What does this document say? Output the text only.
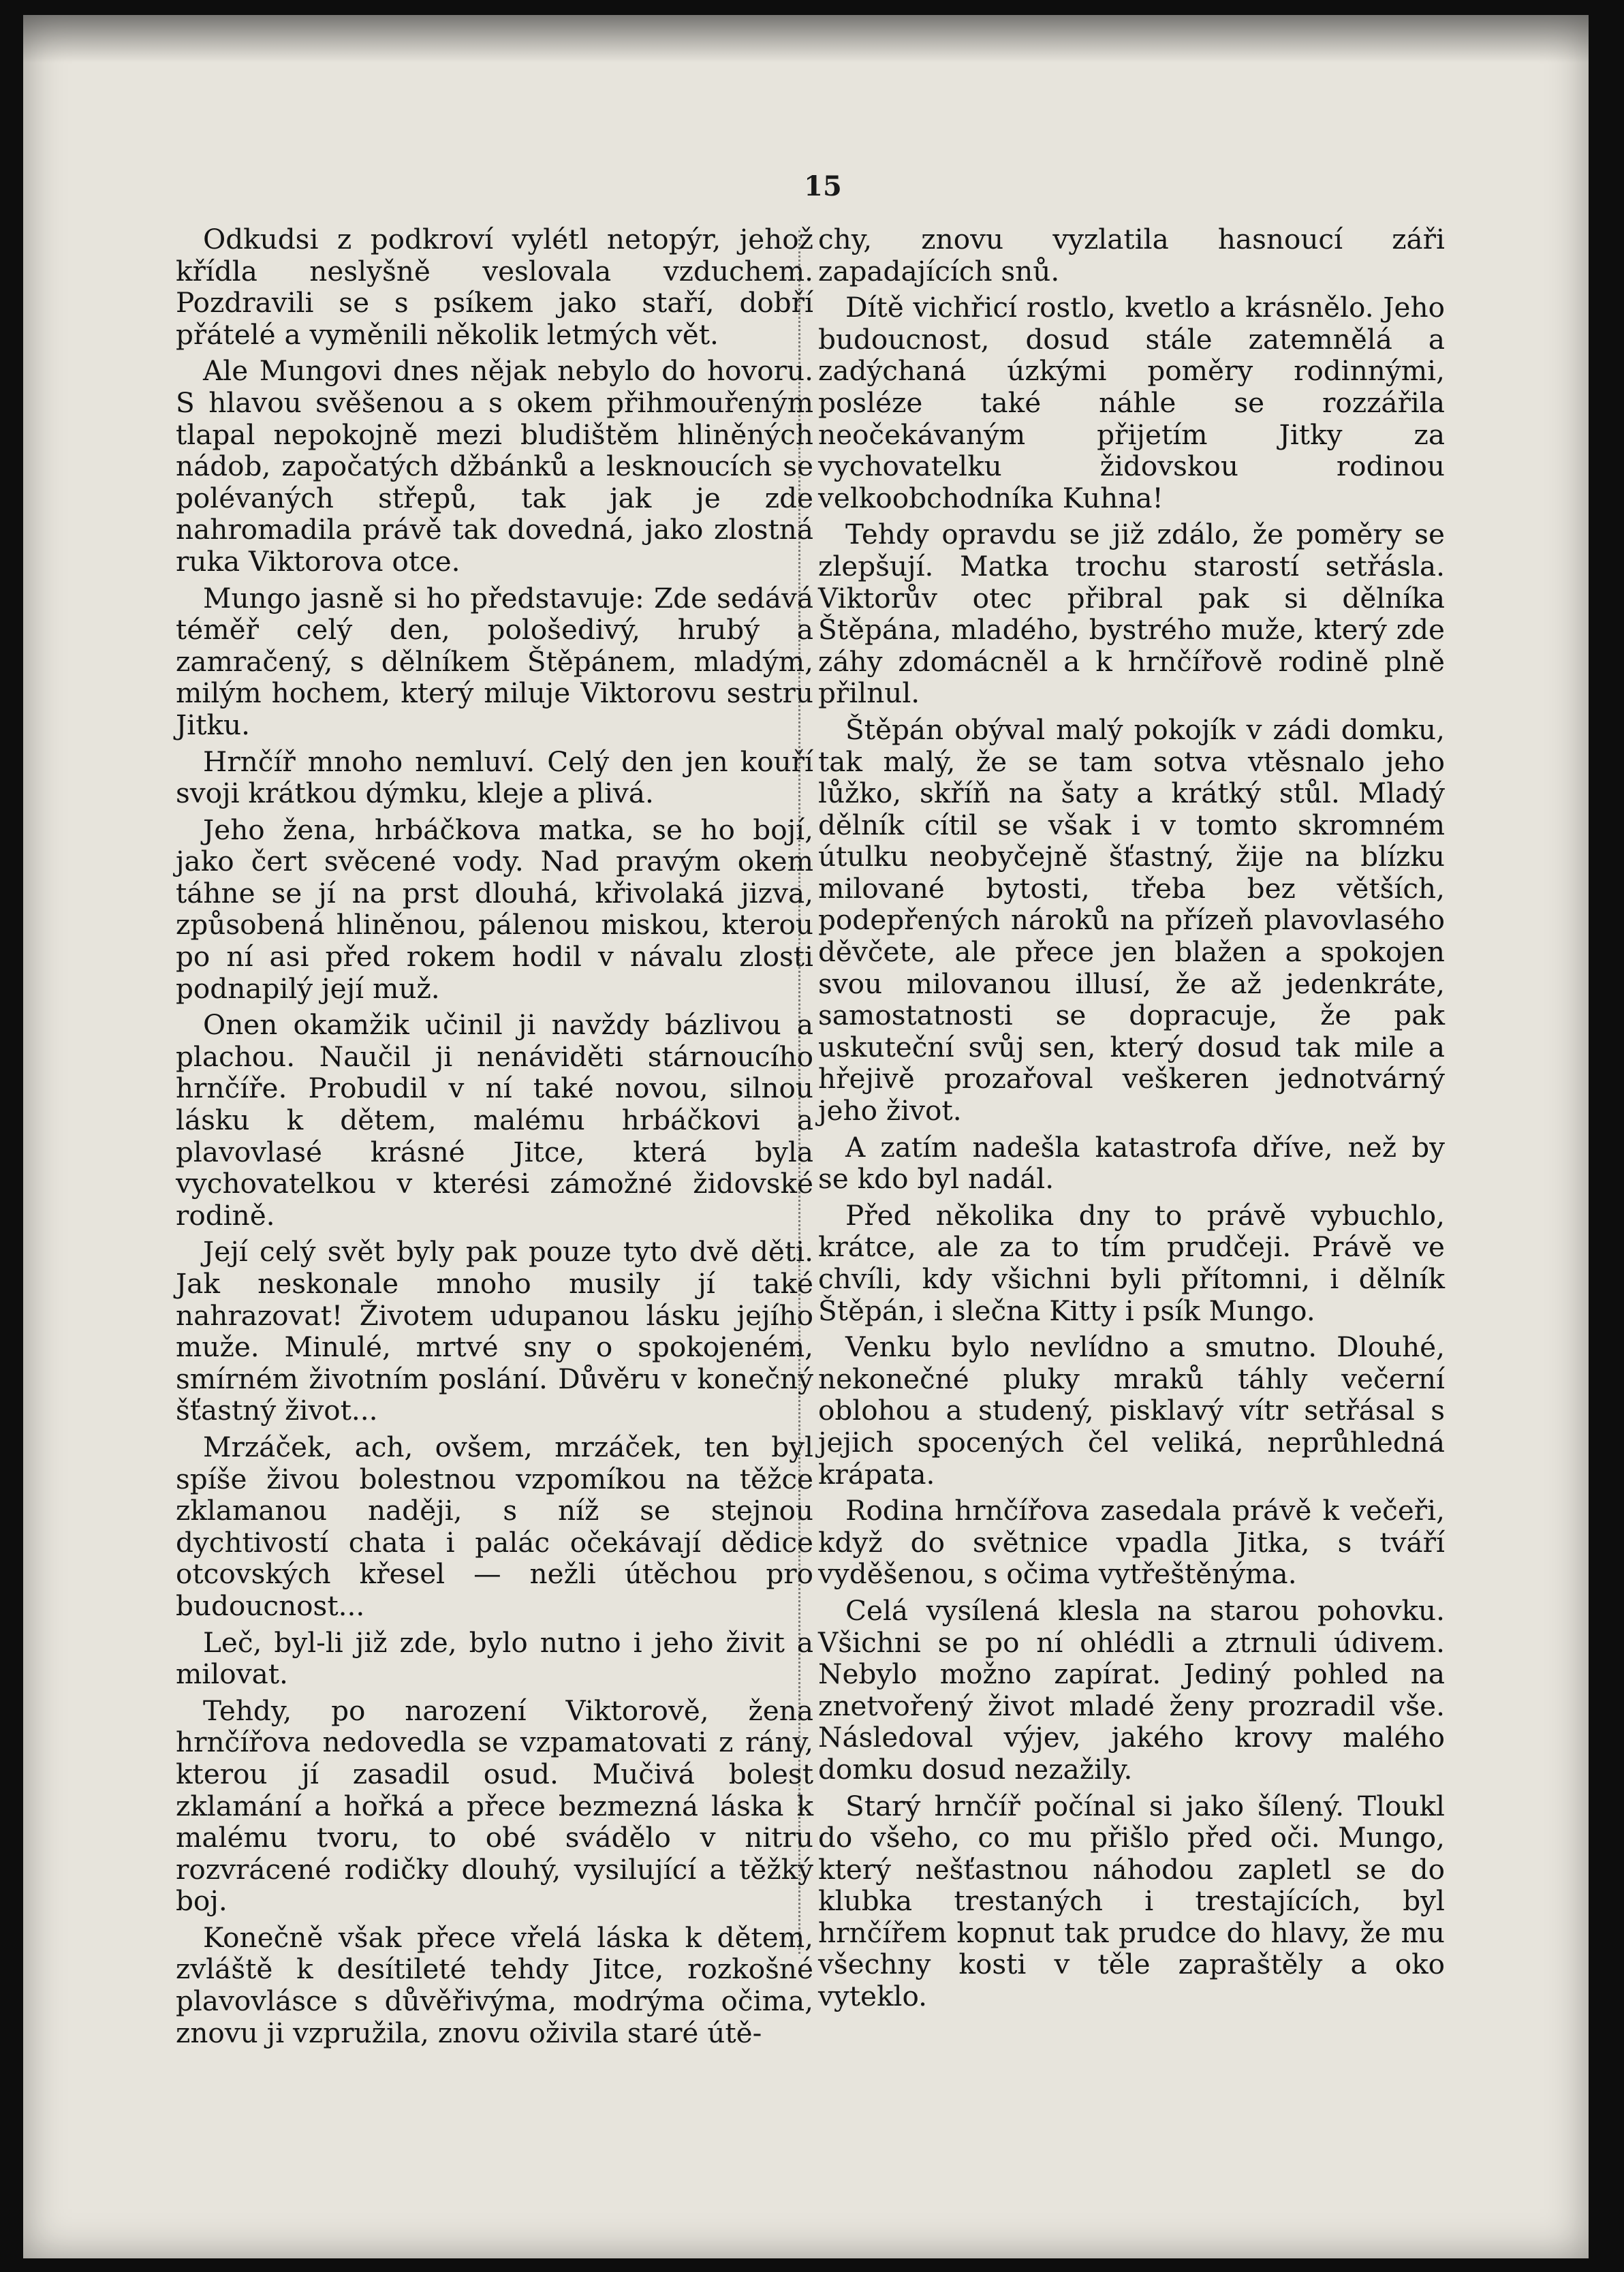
15

Odkudsi z podkroví vylétl netopýr, jehož křídla neslyšně veslovala vzduchem. Pozdravili se s psíkem jako staří, dobří přátelé a vyměnili několik letmých vět.

Ale Mungovi dnes nějak nebylo do hovoru. S hlavou svěšenou a s okem přihmouřeným tlapal nepokojně mezi bludištěm hliněných nádob, započatých džbánků a lesknoucích se polévaných střepů, tak jak je zde nahromadila právě tak dovedná, jako zlostná ruka Viktorova otce.

Mungo jasně si ho představuje: Zde sedává téměř celý den, pološedivý, hrubý a zamračený, s dělníkem Štěpánem, mladým, milým hochem, který miluje Viktorovu sestru Jitku.

Hrnčíř mnoho nemluví. Celý den jen kouří svoji krátkou dýmku, kleje a plivá.

Jeho žena, hrbáčkova matka, se ho bojí, jako čert svěcené vody. Nad pravým okem táhne se jí na prst dlouhá, křivolaká jizva, způsobená hliněnou, pálenou miskou, kterou po ní asi před rokem hodil v návalu zlosti podnapilý její muž.

Onen okamžik učinil ji navždy bázlivou a plachou. Naučil ji nenáviděti stárnoucího hrnčíře. Probudil v ní také novou, silnou lásku k dětem, malému hrbáčkovi a plavovlasé krásné Jitce, která byla vychovatelkou v kterési zámožné židovské rodině.

Její celý svět byly pak pouze tyto dvě děti. Jak neskonale mnoho musily jí také nahrazovat! Životem udupanou lásku jejího muže. Minulé, mrtvé sny o spokojeném, smírném životním poslání. Důvěru v konečný šťastný život...

Mrzáček, ach, ovšem, mrzáček, ten byl spíše živou bolestnou vzpomíkou na těžce zklamanou naději, s níž se stejnou dychtivostí chata i palác očekávají dědice otcovských křesel — nežli útěchou pro budoucnost...

Leč, byl-li již zde, bylo nutno i jeho živit a milovat.

Tehdy, po narození Viktorově, žena hrnčířova nedovedla se vzpamatovati z rány, kterou jí zasadil osud. Mučivá bolest zklamání a hořká a přece bezmezná láska k malému tvoru, to obé svádělo v nitru rozvrácené rodičky dlouhý, vysilující a těžký boj.

Konečně však přece vřelá láska k dětem, zvláště k desítileté tehdy Jitce, rozkošné plavovlásce s důvěřivýma, modrýma očima, znovu ji vzpružila, znovu oživila staré útě-

chy, znovu vyzlatila hasnoucí záři zapadajících snů.

Dítě vichřicí rostlo, kvetlo a krásnělo. Jeho budoucnost, dosud stále zatemnělá a zadýchaná úzkými poměry rodinnými, posléze také náhle se rozzářila neočekávaným přijetím Jitky za vychovatelku židovskou rodinou velkoobchodníka Kuhna!

Tehdy opravdu se již zdálo, že poměry se zlepšují. Matka trochu starostí setřásla. Viktorův otec přibral pak si dělníka Štěpána, mladého, bystrého muže, který zde záhy zdomácněl a k hrnčířově rodině plně přilnul.

Štěpán obýval malý pokojík v zádi domku, tak malý, že se tam sotva vtěsnalo jeho lůžko, skříň na šaty a krátký stůl. Mladý dělník cítil se však i v tomto skromném útulku neobyčejně šťastný, žije na blízku milované bytosti, třeba bez větších, podepřených nároků na přízeň plavovlasého děvčete, ale přece jen blažen a spokojen svou milovanou illusí, že až jedenkráte, samostatnosti se dopracuje, že pak uskuteční svůj sen, který dosud tak mile a hřejivě prozařoval veškeren jednotvárný jeho život.

A zatím nadešla katastrofa dříve, než by se kdo byl nadál.

Před několika dny to právě vybuchlo, krátce, ale za to tím prudčeji. Právě ve chvíli, kdy všichni byli přítomni, i dělník Štěpán, i slečna Kitty i psík Mungo.

Venku bylo nevlídno a smutno. Dlouhé, nekonečné pluky mraků táhly večerní oblohou a studený, pisklavý vítr setřásal s jejich spocených čel veliká, neprůhledná krápata.

Rodina hrnčířova zasedala právě k večeři, když do světnice vpadla Jitka, s tváří vyděšenou, s očima vytřeštěnýma.

Celá vysílená klesla na starou pohovku. Všichni se po ní ohlédli a ztrnuli údivem. Nebylo možno zapírat. Jediný pohled na znetvořený život mladé ženy prozradil vše. Následoval výjev, jakého krovy malého domku dosud nezažily.

Starý hrnčíř počínal si jako šílený. Tloukl do všeho, co mu přišlo před oči. Mungo, který nešťastnou náhodou zapletl se do klubka trestaných i trestajících, byl hrnčířem kopnut tak prudce do hlavy, že mu všechny kosti v těle zapraštěly a oko vyteklo.
